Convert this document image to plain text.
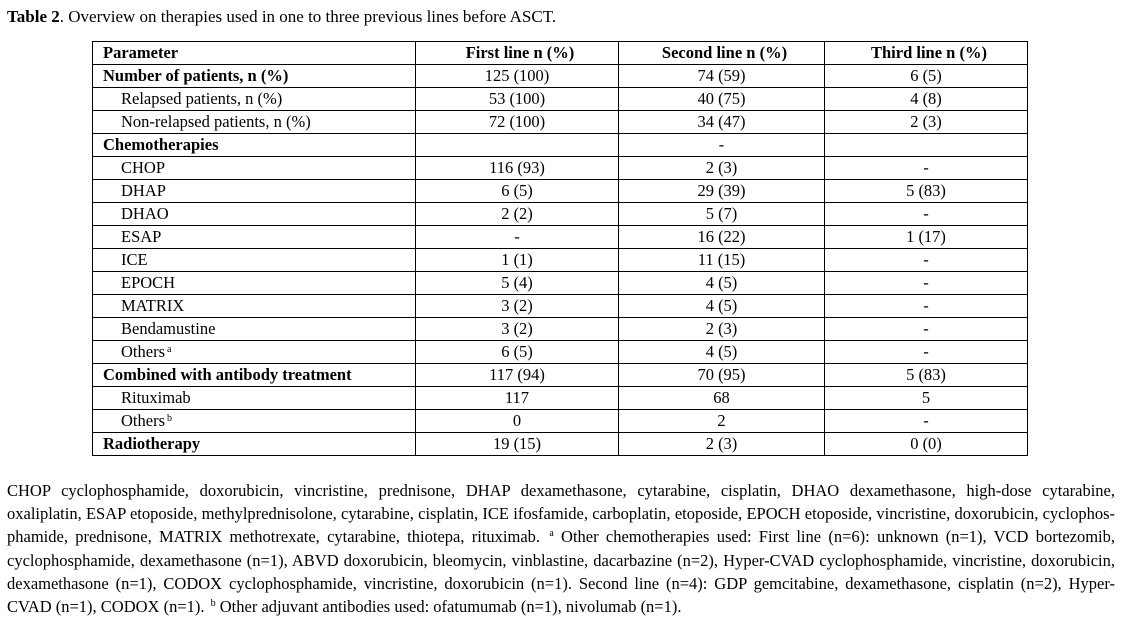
Table 2. Overview on therapies used in one to three previous lines before ASCT.
Parameter	First line n (%)	Second line n (%)	Third line n (%)
Number of patients, n (%)	125 (100)	74 (59)	6 (5)
Relapsed patients, n (%)	53 (100)	40 (75)	4 (8)
Non-relapsed patients, n (%)	72 (100)	34 (47)	2 (3)
Chemotherapies		-	
CHOP	116 (93)	2 (3)	-
DHAP	6 (5)	29 (39)	5 (83)
DHAO	2 (2)	5 (7)	-
ESAP	-	16 (22)	1 (17)
ICE	1 (1)	11 (15)	-
EPOCH	5 (4)	4 (5)	-
MATRIX	3 (2)	4 (5)	-
Bendamustine	3 (2)	2 (3)	-
Others $^a$	6 (5)	4 (5)	-
Combined with antibody treatment	117 (94)	70 (95)	5 (83)
Rituximab	117	68	5
Others $^b$	0	2	-
Radiotherapy	19 (15)	2 (3)	0 (0)
CHOP cyclophosphamide, doxorubicin, vincristine, prednisone, DHAP dexamethasone, cytarabine, cisplatin, DHAO dexamethasone, high-dose cytarabine, oxaliplatin, ESAP etoposide, methylprednisolone, cytarabine, cisplatin, ICE ifosfamide, carboplatin, etoposide, EPOCH etoposide, vincristine, doxorubicin, cyclophos-phamide, prednisone, MATRIX methotrexate, cytarabine, thiotepa, rituximab. $^a$ Other chemotherapies used: First line (n=6): unknown (n=1), VCD bortezomib, cyclophosphamide, dexamethasone (n=1), ABVD doxorubicin, bleomycin, vinblastine, dacarbazine (n=2), Hyper-CVAD cyclophosphamide, vincristine, doxorubicin, dexamethasone (n=1), CODOX cyclophosphamide, vincristine, doxorubicin (n=1). Second line (n=4): GDP gemcitabine, dexamethasone, cisplatin (n=2), Hyper-CVAD (n=1), CODOX (n=1). $^b$ Other adjuvant antibodies used: ofatumumab (n=1), nivolumab (n=1).
